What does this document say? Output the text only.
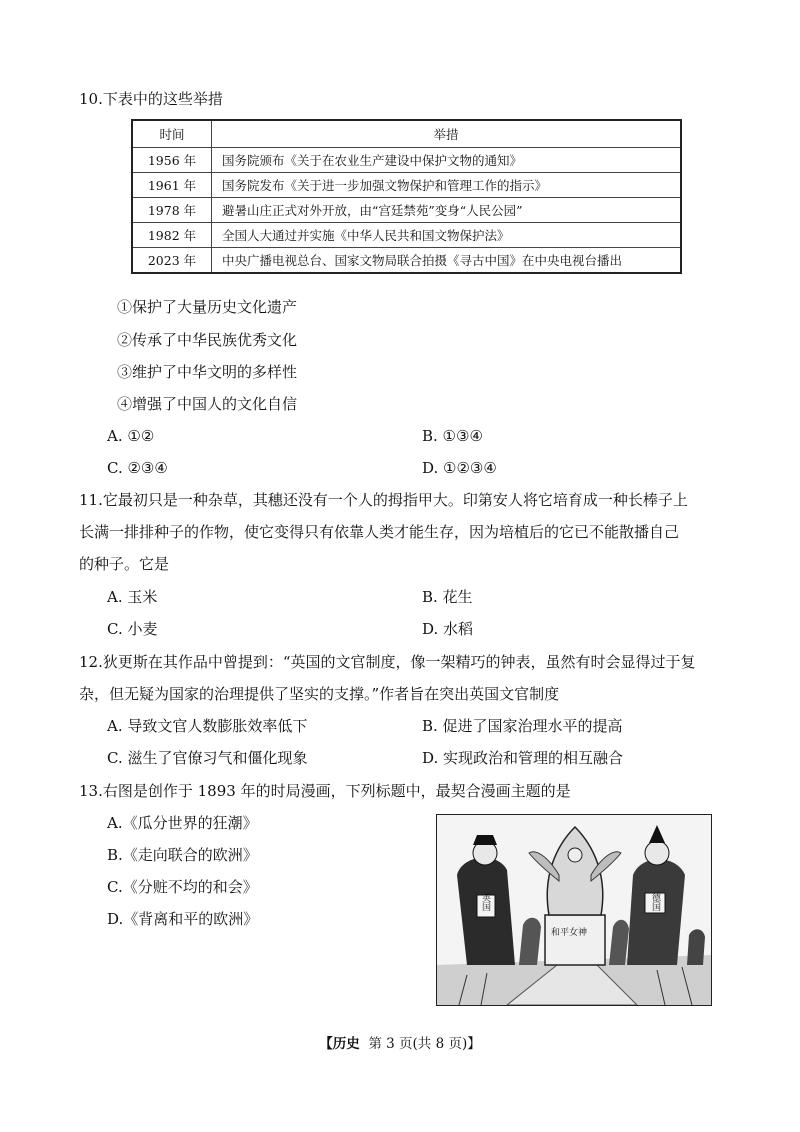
10.下表中的这些举措
时间	举措
1956 年	国务院颁布《关于在农业生产建设中保护文物的通知》
1961 年	国务院发布《关于进一步加强文物保护和管理工作的指示》
1978 年	避暑山庄正式对外开放，由“宫廷禁苑”变身“人民公园”
1982 年	全国人大通过并实施《中华人民共和国文物保护法》
2023 年	中央广播电视总台、国家文物局联合拍摄《寻古中国》在中央电视台播出
①保护了大量历史文化遗产
②传承了中华民族优秀文化
③维护了中华文明的多样性
④增强了中国人的文化自信
A. ①②	B. ①③④
C. ②③④	D. ①②③④
11.它最初只是一种杂草，其穗还没有一个人的拇指甲大。印第安人将它培育成一种长棒子上
长满一排排种子的作物，使它变得只有依靠人类才能生存，因为培植后的它已不能散播自己
的种子。它是
A. 玉米	B. 花生
C. 小麦	D. 水稻
12.狄更斯在其作品中曾提到：“英国的文官制度，像一架精巧的钟表，虽然有时会显得过于复
杂，但无疑为国家的治理提供了坚实的支撑。”作者旨在突出英国文官制度
A. 导致文官人数膨胀效率低下	B. 促进了国家治理水平的提高
C. 滋生了官僚习气和僵化现象	D. 实现政治和管理的相互融合
13.右图是创作于 1893 年的时局漫画，下列标题中，最契合漫画主题的是
A.《瓜分世界的狂潮》
B.《走向联合的欧洲》
C.《分赃不均的和会》
D.《背离和平的欧洲》
英国
和平女神
德国
【历史 第 3 页(共 8 页)】
